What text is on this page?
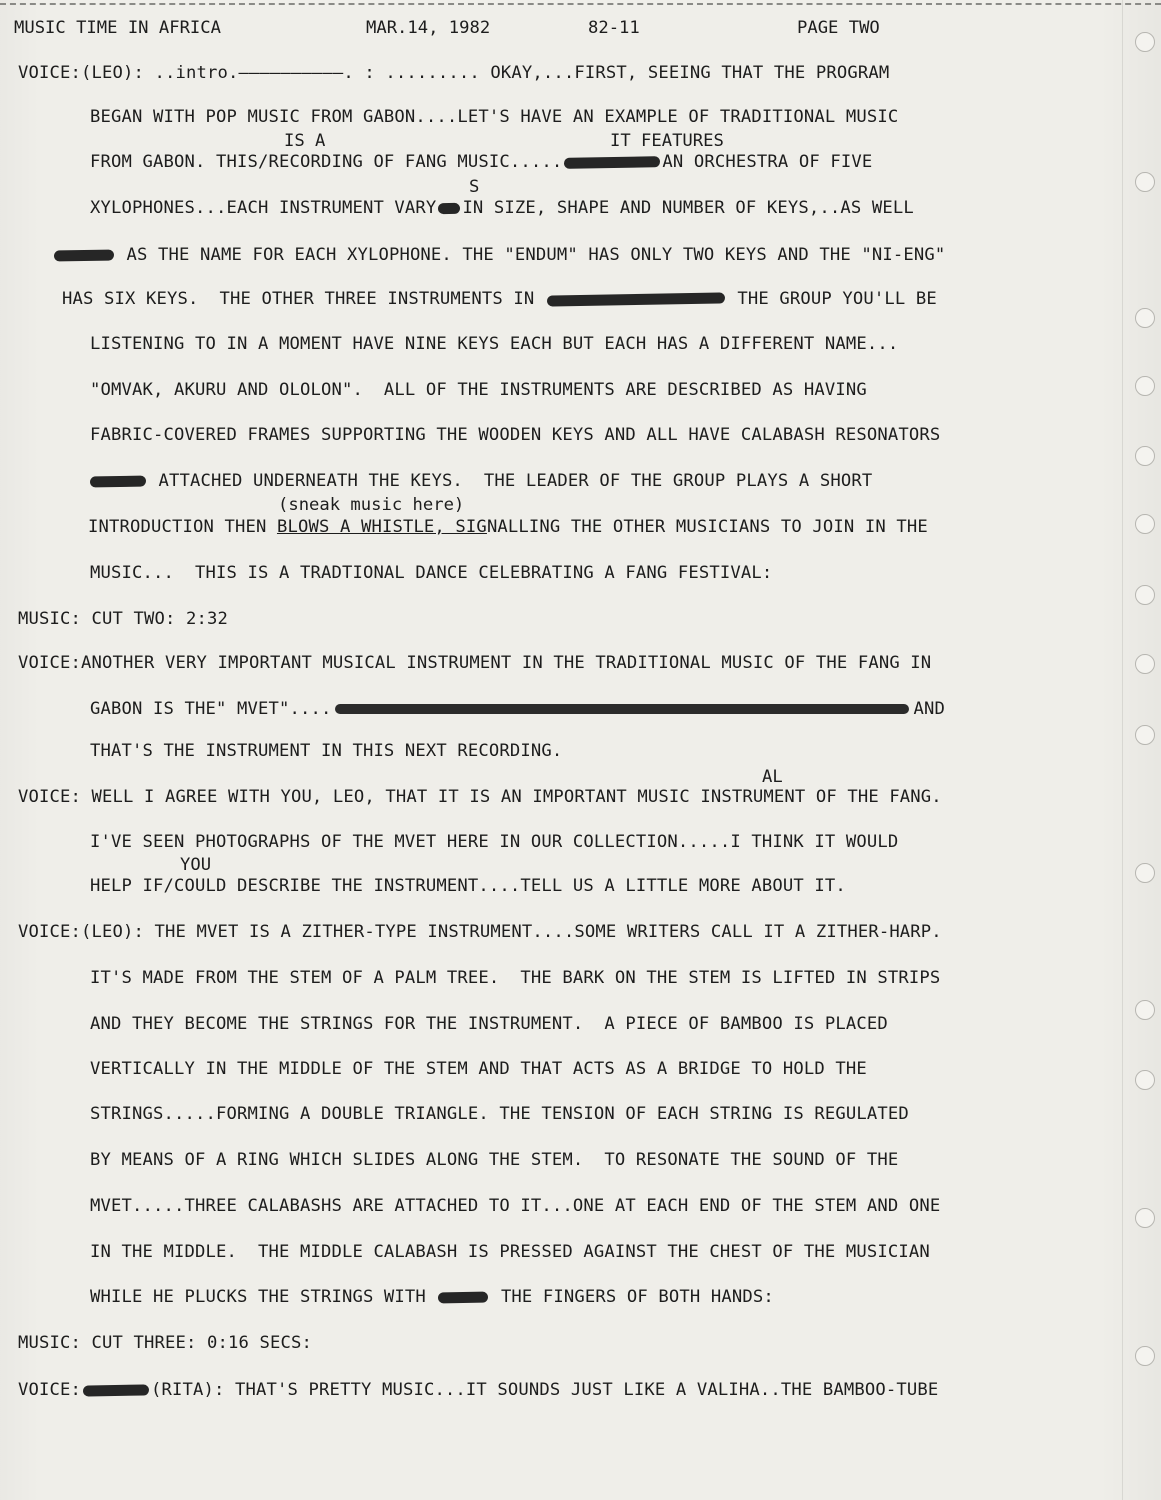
MUSIC TIME IN AFRICA	MAR.14, 1982	82-11	PAGE TWO
VOICE:(LEO): ..intro.‒‒‒‒‒‒‒‒‒‒. : ......... OKAY,...FIRST, SEEING THAT THE PROGRAM
BEGAN WITH POP MUSIC FROM GABON....LET'S HAVE AN EXAMPLE OF TRADITIONAL MUSIC
IS A	IT FEATURES
FROM GABON. THIS/RECORDING OF FANG MUSIC.....	AN ORCHESTRA OF FIVE
S
XYLOPHONES...EACH INSTRUMENT VARY IN SIZE, SHAPE AND NUMBER OF KEYS,..AS WELL
AS THE NAME FOR EACH XYLOPHONE. THE "ENDUM" HAS ONLY TWO KEYS AND THE "NI-ENG"
HAS SIX KEYS.  THE OTHER THREE INSTRUMENTS IN	THE GROUP YOU'LL BE
LISTENING TO IN A MOMENT HAVE NINE KEYS EACH BUT EACH HAS A DIFFERENT NAME...
"OMVAK, AKURU AND OLOLON".  ALL OF THE INSTRUMENTS ARE DESCRIBED AS HAVING
FABRIC-COVERED FRAMES SUPPORTING THE WOODEN KEYS AND ALL HAVE CALABASH RESONATORS
ATTACHED UNDERNEATH THE KEYS.  THE LEADER OF THE GROUP PLAYS A SHORT
(sneak music here)
INTRODUCTION THEN BLOWS A WHISTLE, SIGNALLING THE OTHER MUSICIANS TO JOIN IN THE
MUSIC...  THIS IS A TRADTIONAL DANCE CELEBRATING A FANG FESTIVAL:
MUSIC: CUT TWO: 2:32
VOICE:ANOTHER VERY IMPORTANT MUSICAL INSTRUMENT IN THE TRADITIONAL MUSIC OF THE FANG IN
GABON IS THE" MVET"....	AND
THAT'S THE INSTRUMENT IN THIS NEXT RECORDING.
AL
VOICE: WELL I AGREE WITH YOU, LEO, THAT IT IS AN IMPORTANT MUSIC INSTRUMENT OF THE FANG.
I'VE SEEN PHOTOGRAPHS OF THE MVET HERE IN OUR COLLECTION.....I THINK IT WOULD
YOU
HELP IF/COULD DESCRIBE THE INSTRUMENT....TELL US A LITTLE MORE ABOUT IT.
VOICE:(LEO): THE MVET IS A ZITHER-TYPE INSTRUMENT....SOME WRITERS CALL IT A ZITHER-HARP.
IT'S MADE FROM THE STEM OF A PALM TREE.  THE BARK ON THE STEM IS LIFTED IN STRIPS
AND THEY BECOME THE STRINGS FOR THE INSTRUMENT.  A PIECE OF BAMBOO IS PLACED
VERTICALLY IN THE MIDDLE OF THE STEM AND THAT ACTS AS A BRIDGE TO HOLD THE
STRINGS.....FORMING A DOUBLE TRIANGLE. THE TENSION OF EACH STRING IS REGULATED
BY MEANS OF A RING WHICH SLIDES ALONG THE STEM.  TO RESONATE THE SOUND OF THE
MVET.....THREE CALABASHS ARE ATTACHED TO IT...ONE AT EACH END OF THE STEM AND ONE
IN THE MIDDLE.  THE MIDDLE CALABASH IS PRESSED AGAINST THE CHEST OF THE MUSICIAN
WHILE HE PLUCKS THE STRINGS WITH	THE FINGERS OF BOTH HANDS:
MUSIC: CUT THREE: 0:16 SECS:
VOICE:	(RITA): THAT'S PRETTY MUSIC...IT SOUNDS JUST LIKE A VALIHA..THE BAMBOO-TUBE
